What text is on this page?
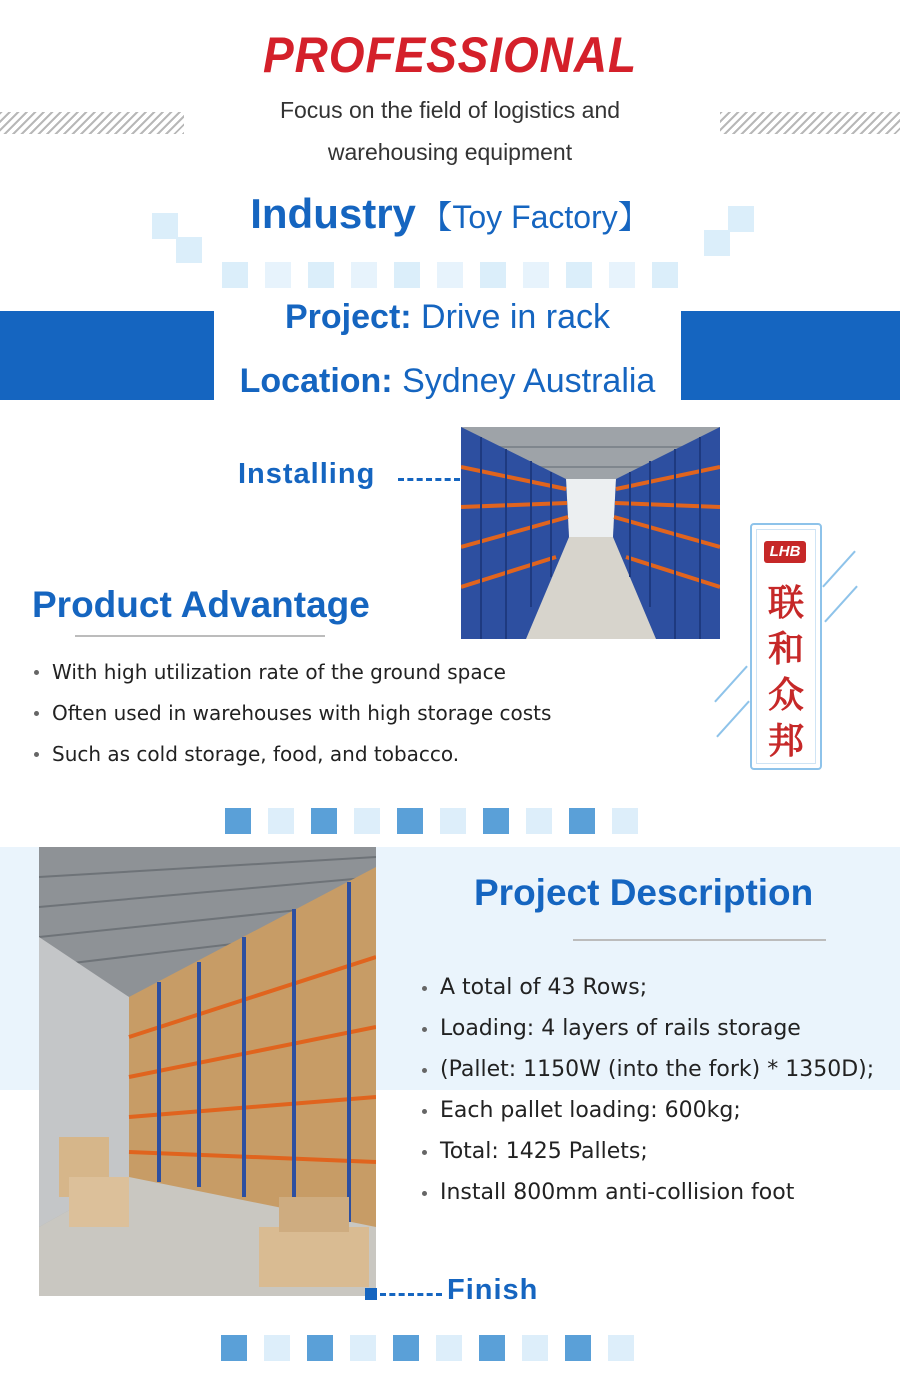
PROFESSIONAL
Focus on the field of logistics and
warehousing equipment
Industry 【Toy Factory】
Project: Drive in rack
Location: Sydney Australia
Installing
Product Advantage
With high utilization rate of the ground space
Often used in warehouses with high storage costs
Such as cold storage, food, and tobacco.
LHB
联
和
众
邦
Project Description
A total of 43 Rows;
Loading: 4 layers of rails storage
(Pallet: 1150W (into the fork) * 1350D);
Each pallet loading: 600kg;
Total: 1425 Pallets;
Install 800mm anti-collision foot
Finish
